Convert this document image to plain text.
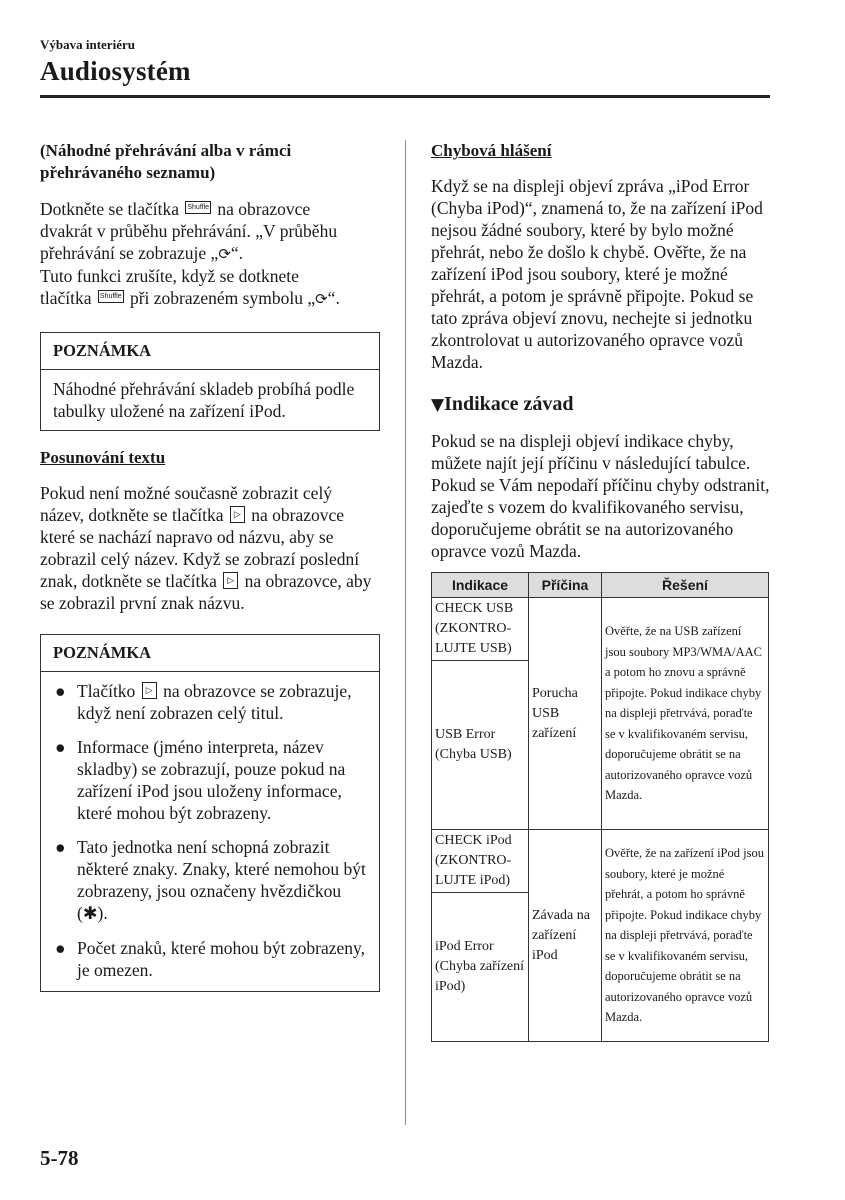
Výbava interiéru
Audiosystém

(Náhodné přehrávání alba v rámci
přehrávaného seznamu)

Dotkněte se tlačítka Shuffle na obrazovce
dvakrát v průběhu přehrávání. „V průběhu
přehrávání se zobrazuje „⟳“.
Tuto funkci zrušíte, když se dotknete
tlačítka Shuffle při zobrazeném symbolu „⟳“.

POZNÁMKA
Náhodné přehrávání skladeb probíhá podle tabulky uložené na zařízení iPod.

Posunování textu

Pokud není možné současně zobrazit celý název, dotkněte se tlačítka ▷ na obrazovce které se nachází napravo od názvu, aby se zobrazil celý název. Když se zobrazí poslední znak, dotkněte se tlačítka ▷ na obrazovce, aby se zobrazil první znak názvu.

POZNÁMKA
● Tlačítko ▷ na obrazovce se zobrazuje, když není zobrazen celý titul.
● Informace (jméno interpreta, název skladby) se zobrazují, pouze pokud na zařízení iPod jsou uloženy informace, které mohou být zobrazeny.
● Tato jednotka není schopná zobrazit některé znaky. Znaky, které nemohou být zobrazeny, jsou označeny hvězdičkou (✱).
● Počet znaků, které mohou být zobrazeny, je omezen.

Chybová hlášení

Když se na displeji objeví zpráva „iPod Error (Chyba iPod)“, znamená to, že na zařízení iPod nejsou žádné soubory, které by bylo možné přehrát, nebo že došlo k chybě. Ověřte, že na zařízení iPod jsou soubory, které je možné přehrát, a potom je správně připojte. Pokud se tato zpráva objeví znovu, nechejte si jednotku zkontrolovat u autorizovaného opravce vozů Mazda.

▼Indikace závad

Pokud se na displeji objeví indikace chyby, můžete najít její příčinu v následující tabulce. Pokud se Vám nepodaří příčinu chyby odstranit, zajeďte s vozem do kvalifikovaného servisu, doporučujeme obrátit se na autorizovaného opravce vozů Mazda.

Indikace	Příčina	Řešení
CHECK USB (ZKONTRO-LUJTE USB)	Porucha USB zařízení	Ověřte, že na USB zařízení jsou soubory MP3/WMA/AAC a potom ho znovu a správně připojte. Pokud indikace chyby na displeji přetrvává, poraďte se v kvalifikovaném servisu, doporučujeme obrátit se na autorizovaného opravce vozů Mazda.
USB Error (Chyba USB)		
CHECK iPod (ZKONTRO-LUJTE iPod)	Závada na zařízení iPod	Ověřte, že na zařízení iPod jsou soubory, které je možné přehrát, a potom ho správně připojte. Pokud indikace chyby na displeji přetrvává, poraďte se v kvalifikovaném servisu, doporučujeme obrátit se na autorizovaného opravce vozů Mazda.
iPod Error (Chyba zařízení iPod)		
5-78
